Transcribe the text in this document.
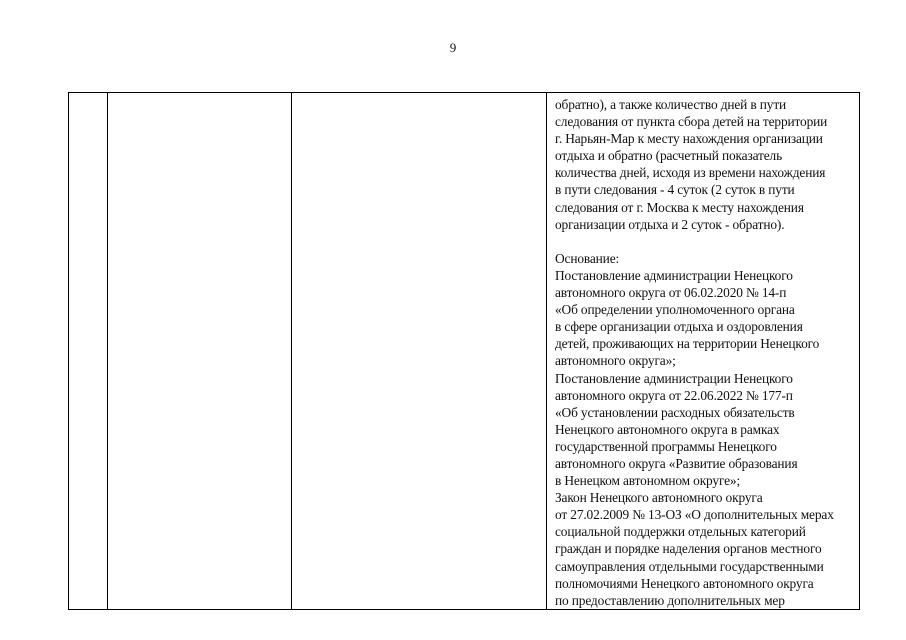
9

обратно), а также количество дней в пути
следования от пункта сбора детей на территории
г. Нарьян-Мар к месту нахождения организации
отдыха и обратно (расчетный показатель
количества дней, исходя из времени нахождения
в пути следования - 4 суток (2 суток в пути
следования от г. Москва к месту нахождения
организации отдыха и 2 суток - обратно).
Основание:
Постановление администрации Ненецкого
автономного округа от 06.02.2020 № 14-п
«Об определении уполномоченного органа
в сфере организации отдыха и оздоровления
детей, проживающих на территории Ненецкого
автономного округа»;
Постановление администрации Ненецкого
автономного округа от 22.06.2022 № 177-п
«Об установлении расходных обязательств
Ненецкого автономного округа в рамках
государственной программы Ненецкого
автономного округа «Развитие образования
в Ненецком автономном округе»;
Закон Ненецкого автономного округа
от 27.02.2009 № 13-ОЗ «О дополнительных мерах
социальной поддержки отдельных категорий
граждан и порядке наделения органов местного
самоуправления отдельными государственными
полномочиями Ненецкого автономного округа
по предоставлению дополнительных мер
